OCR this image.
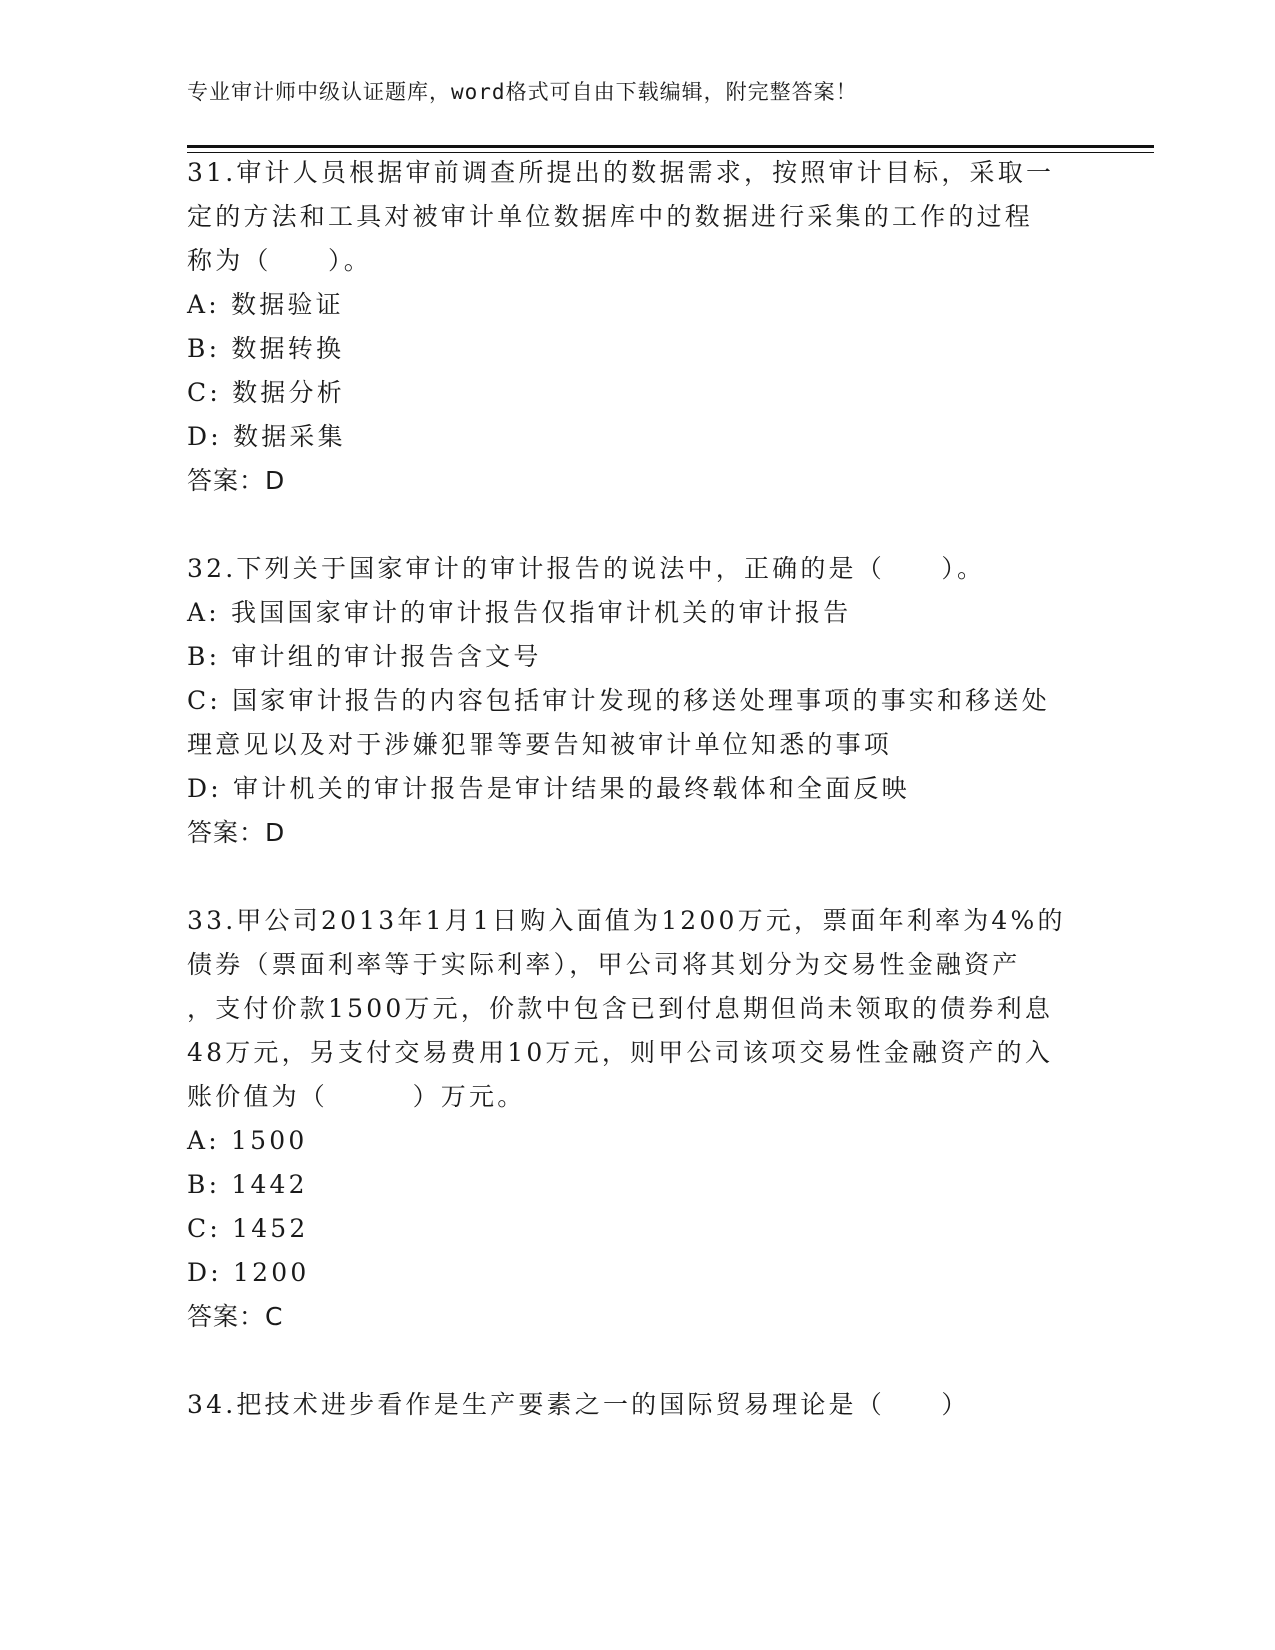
专业审计师中级认证题库，word格式可自由下载编辑，附完整答案！
31.审计人员根据审前调查所提出的数据需求，按照审计目标，采取一
定的方法和工具对被审计单位数据库中的数据进行采集的工作的过程
称为（　　）。
A: 数据验证
B: 数据转换
C: 数据分析
D: 数据采集
答案：D
32.下列关于国家审计的审计报告的说法中，正确的是（　　）。
A: 我国国家审计的审计报告仅指审计机关的审计报告
B: 审计组的审计报告含文号
C: 国家审计报告的内容包括审计发现的移送处理事项的事实和移送处
理意见以及对于涉嫌犯罪等要告知被审计单位知悉的事项
D: 审计机关的审计报告是审计结果的最终载体和全面反映
答案：D
33.甲公司2013年1月1日购入面值为1200万元，票面年利率为4%的
债券（票面利率等于实际利率），甲公司将其划分为交易性金融资产
，支付价款1500万元，价款中包含已到付息期但尚未领取的债券利息
48万元，另支付交易费用10万元，则甲公司该项交易性金融资产的入
账价值为（　　　）万元。
A: 1500
B: 1442
C: 1452
D: 1200
答案：C
34.把技术进步看作是生产要素之一的国际贸易理论是（　　）
